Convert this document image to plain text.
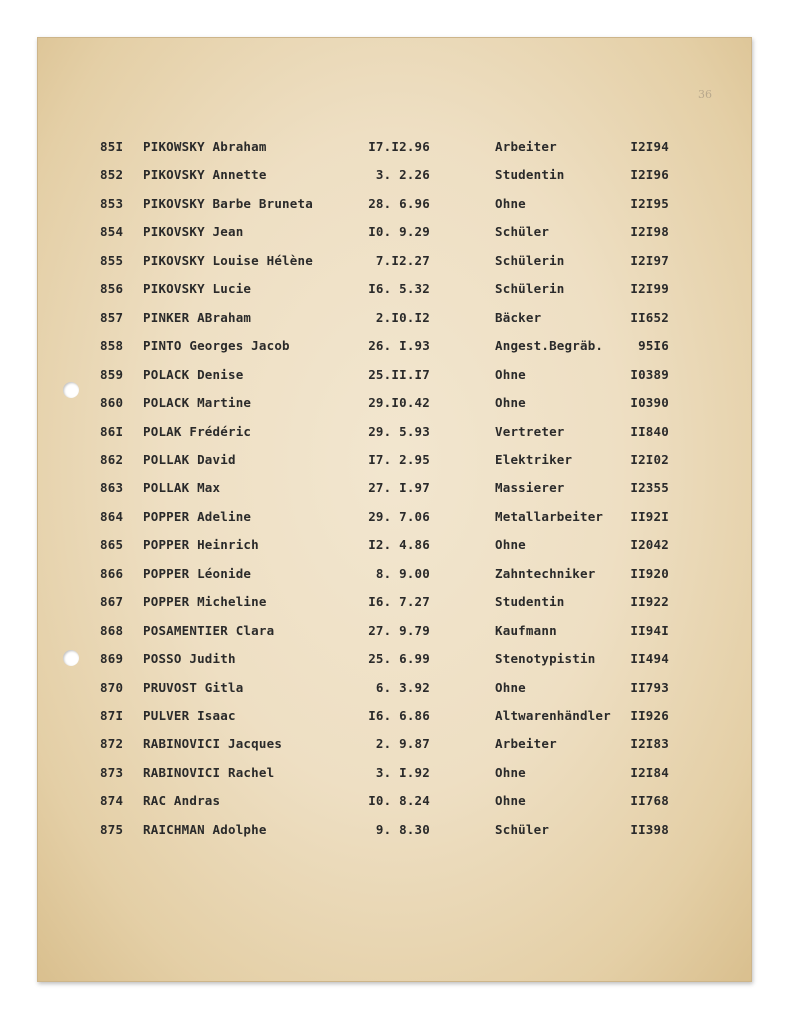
36
85I PIKOWSKY Abraham	I7.I2.96	Arbeiter	I2I94
852 PIKOVSKY Annette	3. 2.26	Studentin	I2I96
853 PIKOVSKY Barbe Bruneta	28. 6.96	Ohne	I2I95
854 PIKOVSKY Jean	I0. 9.29	Schüler	I2I98
855 PIKOVSKY Louise Hélène	7.I2.27	Schülerin	I2I97
856 PIKOVSKY Lucie	I6. 5.32	Schülerin	I2I99
857 PINKER ABraham	2.I0.I2	Bäcker	II652
858 PINTO Georges Jacob	26. I.93	Angest.Begräb.	95I6
859 POLACK Denise	25.II.I7	Ohne	I0389
860 POLACK Martine	29.I0.42	Ohne	I0390
86I POLAK Frédéric	29. 5.93	Vertreter	II840
862 POLLAK David	I7. 2.95	Elektriker	I2I02
863 POLLAK Max	27. I.97	Massierer	I2355
864 POPPER Adeline	29. 7.06	Metallarbeiter	II92I
865 POPPER Heinrich	I2. 4.86	Ohne	I2042
866 POPPER Léonide	8. 9.00	Zahntechniker	II920
867 POPPER Micheline	I6. 7.27	Studentin	II922
868 POSAMENTIER Clara	27. 9.79	Kaufmann	II94I
869 POSSO Judith	25. 6.99	Stenotypistin	II494
870 PRUVOST Gitla	6. 3.92	Ohne	II793
87I PULVER Isaac	I6. 6.86	Altwarenhändler	II926
872 RABINOVICI Jacques	2. 9.87	Arbeiter	I2I83
873 RABINOVICI Rachel	3. I.92	Ohne	I2I84
874 RAC Andras	I0. 8.24	Ohne	II768
875 RAICHMAN Adolphe	9. 8.30	Schüler	II398
